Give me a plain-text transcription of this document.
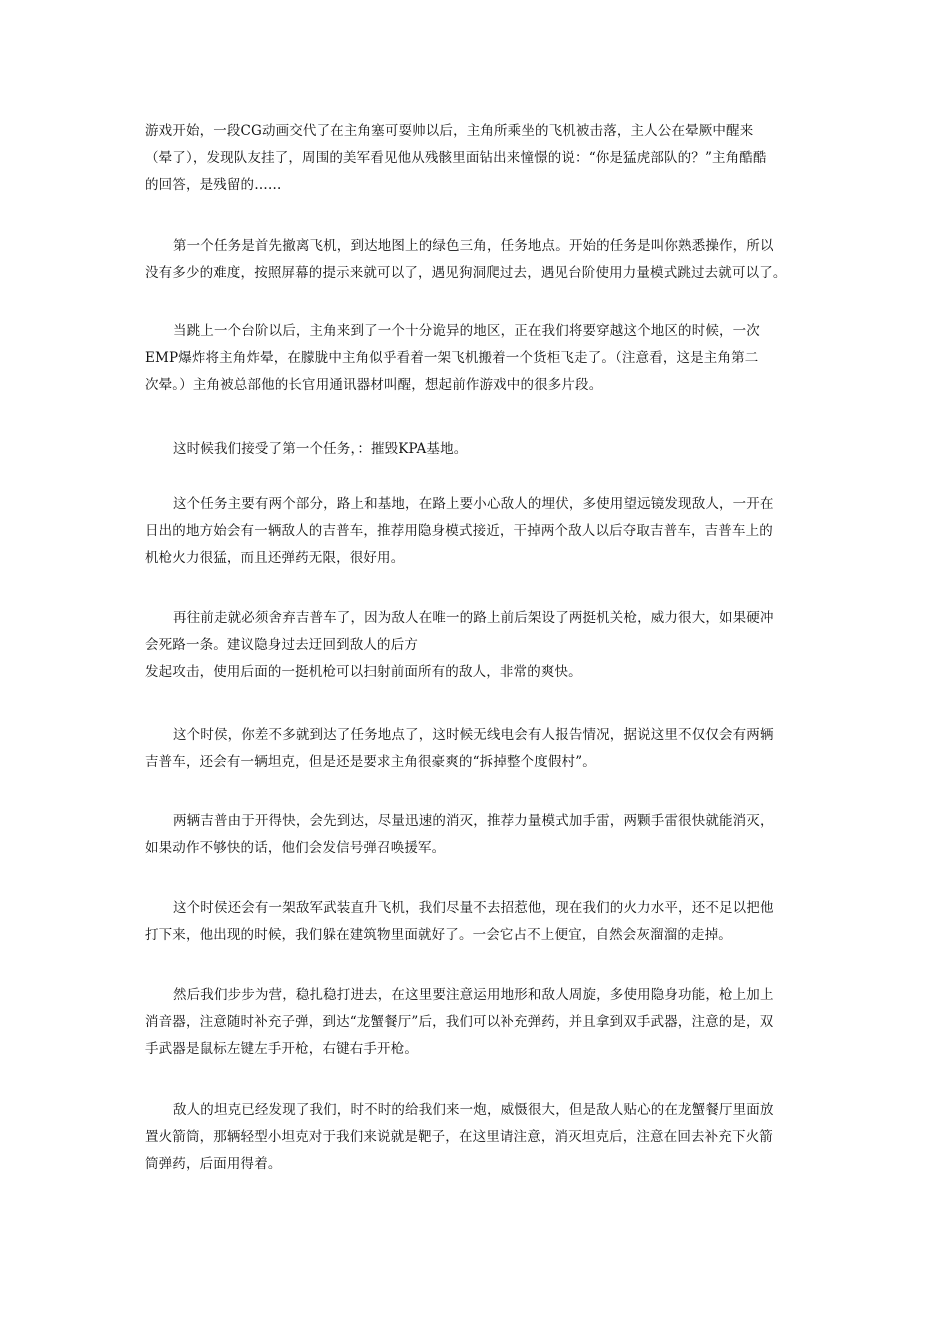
游戏开始，一段CG动画交代了在主角塞可耍帅以后，主角所乘坐的飞机被击落，主人公在晕厥中醒来
（晕了），发现队友挂了，周围的美军看见他从残骸里面钻出来憧憬的说：“你是猛虎部队的？”主角酷酷
的回答，是残留的……
第一个任务是首先撤离飞机，到达地图上的绿色三角，任务地点。开始的任务是叫你熟悉操作，所以
没有多少的难度，按照屏幕的提示来就可以了，遇见狗洞爬过去，遇见台阶使用力量模式跳过去就可以了。
当跳上一个台阶以后，主角来到了一个十分诡异的地区，正在我们将要穿越这个地区的时候，一次
EMP爆炸将主角炸晕，在朦胧中主角似乎看着一架飞机搬着一个货柜飞走了。（注意看，这是主角第二
次晕。）主角被总部他的长官用通讯器材叫醒，想起前作游戏中的很多片段。
这时候我们接受了第一个任务，：摧毁KPA基地。
这个任务主要有两个部分，路上和基地，在路上要小心敌人的埋伏，多使用望远镜发现敌人，一开在
日出的地方始会有一辆敌人的吉普车，推荐用隐身模式接近，干掉两个敌人以后夺取吉普车，吉普车上的
机枪火力很猛，而且还弹药无限，很好用。
再往前走就必须舍弃吉普车了，因为敌人在唯一的路上前后架设了两挺机关枪，威力很大，如果硬冲
会死路一条。建议隐身过去迂回到敌人的后方
发起攻击，使用后面的一挺机枪可以扫射前面所有的敌人，非常的爽快。
这个时侯，你差不多就到达了任务地点了，这时候无线电会有人报告情况，据说这里不仅仅会有两辆
吉普车，还会有一辆坦克，但是还是要求主角很豪爽的“拆掉整个度假村”。
两辆吉普由于开得快，会先到达，尽量迅速的消灭，推荐力量模式加手雷，两颗手雷很快就能消灭，
如果动作不够快的话，他们会发信号弹召唤援军。
这个时侯还会有一架敌军武装直升飞机，我们尽量不去招惹他，现在我们的火力水平，还不足以把他
打下来，他出现的时候，我们躲在建筑物里面就好了。一会它占不上便宜，自然会灰溜溜的走掉。
然后我们步步为营，稳扎稳打进去，在这里要注意运用地形和敌人周旋，多使用隐身功能，枪上加上
消音器，注意随时补充子弹，到达“龙蟹餐厅”后，我们可以补充弹药，并且拿到双手武器，注意的是，双
手武器是鼠标左键左手开枪，右键右手开枪。
敌人的坦克已经发现了我们，时不时的给我们来一炮，威慑很大，但是敌人贴心的在龙蟹餐厅里面放
置火箭筒，那辆轻型小坦克对于我们来说就是靶子，在这里请注意，消灭坦克后，注意在回去补充下火箭
筒弹药，后面用得着。
